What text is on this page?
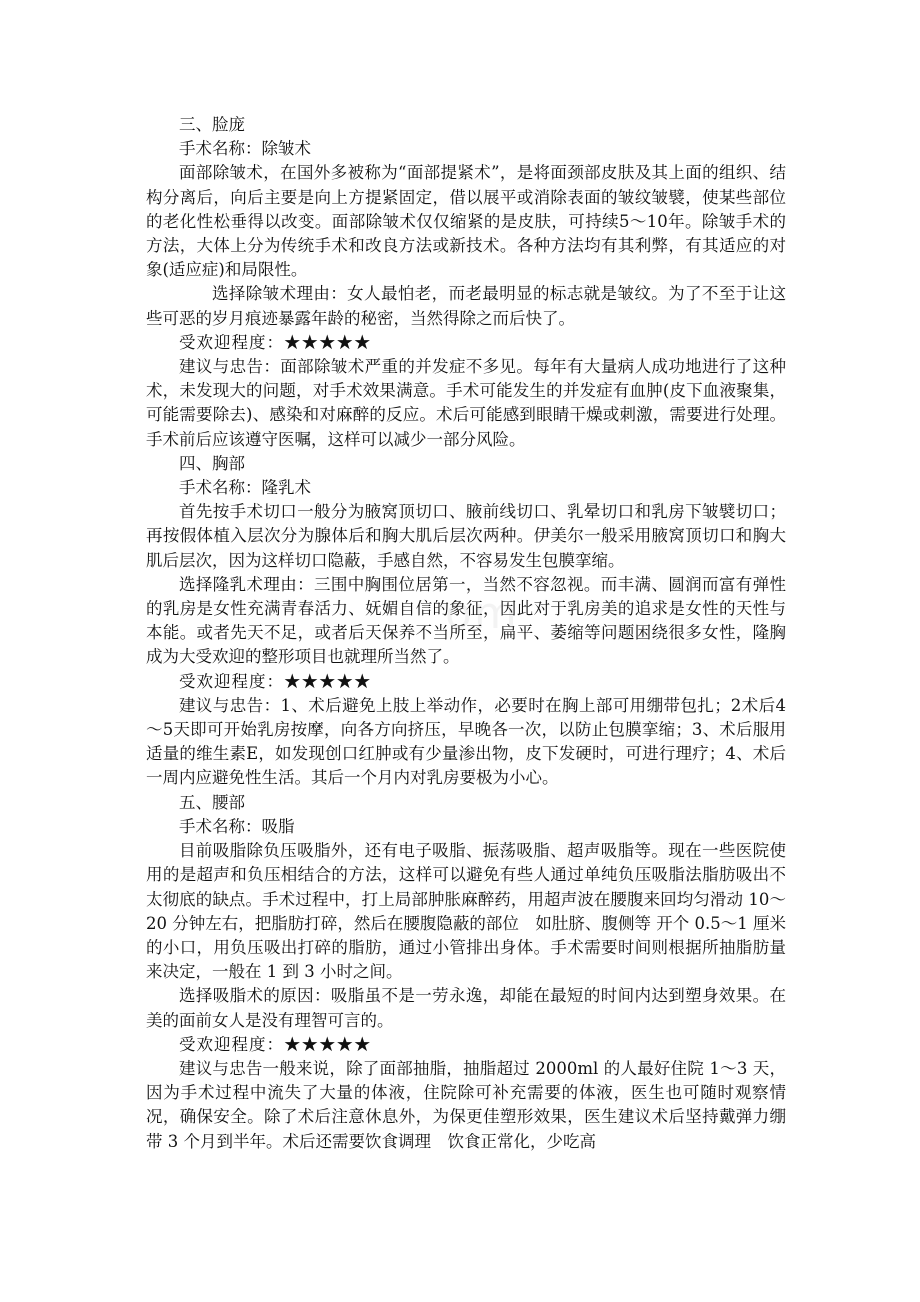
三、脸庞

手术名称：除皱术

面部除皱术，在国外多被称为“面部提紧术”，是将面颈部皮肤及其上面的组织、结构分离后，向后主要是向上方提紧固定，借以展平或消除表面的皱纹皱襞，使某些部位的老化性松垂得以改变。面部除皱术仅仅缩紧的是皮肤，可持续5～10年。除皱手术的方法，大体上分为传统手术和改良方法或新技术。各种方法均有其利弊，有其适应的对象(适应症)和局限性。

选择除皱术理由：女人最怕老，而老最明显的标志就是皱纹。为了不至于让这些可恶的岁月痕迹暴露年龄的秘密，当然得除之而后快了。

受欢迎程度：★★★★★

建议与忠告：面部除皱术严重的并发症不多见。每年有大量病人成功地进行了这种术，未发现大的问题，对手术效果满意。手术可能发生的并发症有血肿(皮下血液聚集，可能需要除去)、感染和对麻醉的反应。术后可能感到眼睛干燥或刺激，需要进行处理。手术前后应该遵守医嘱，这样可以减少一部分风险。

四、胸部

手术名称：隆乳术

首先按手术切口一般分为腋窝顶切口、腋前线切口、乳晕切口和乳房下皱襞切口；再按假体植入层次分为腺体后和胸大肌后层次两种。伊美尔一般采用腋窝顶切口和胸大肌后层次，因为这样切口隐蔽，手感自然，不容易发生包膜挛缩。

选择隆乳术理由：三围中胸围位居第一，当然不容忽视。而丰满、圆润而富有弹性的乳房是女性充满青春活力、妩媚自信的象征，因此对于乳房美的追求是女性的天性与本能。或者先天不足，或者后天保养不当所至，扁平、萎缩等问题困绕很多女性，隆胸成为大受欢迎的整形项目也就理所当然了。

受欢迎程度：★★★★★

建议与忠告：1、术后避免上肢上举动作，必要时在胸上部可用绷带包扎；2术后4～5天即可开始乳房按摩，向各方向挤压，早晚各一次，以防止包膜挛缩；3、术后服用适量的维生素E，如发现创口红肿或有少量渗出物，皮下发硬时，可进行理疗；4、术后一周内应避免性生活。其后一个月内对乳房要极为小心。

五、腰部

手术名称：吸脂

目前吸脂除负压吸脂外，还有电子吸脂、振荡吸脂、超声吸脂等。现在一些医院使用的是超声和负压相结合的方法，这样可以避免有些人通过单纯负压吸脂法脂肪吸出不太彻底的缺点。手术过程中，打上局部肿胀麻醉药，用超声波在腰腹来回均匀滑动 10～20 分钟左右，把脂肪打碎，然后在腰腹隐蔽的部位　如肚脐、腹侧等 开个 0.5～1 厘米的小口，用负压吸出打碎的脂肪，通过小管排出身体。手术需要时间则根据所抽脂肪量来决定，一般在 1 到 3 小时之间。

选择吸脂术的原因：吸脂虽不是一劳永逸，却能在最短的时间内达到塑身效果。在美的面前女人是没有理智可言的。

受欢迎程度：★★★★★

建议与忠告一般来说，除了面部抽脂，抽脂超过 2000ml 的人最好住院 1～3 天，因为手术过程中流失了大量的体液，住院除可补充需要的体液，医生也可随时观察情况，确保安全。除了术后注意休息外，为保更佳塑形效果，医生建议术后坚持戴弹力绷带 3 个月到半年。术后还需要饮食调理　饮食正常化，少吃高
